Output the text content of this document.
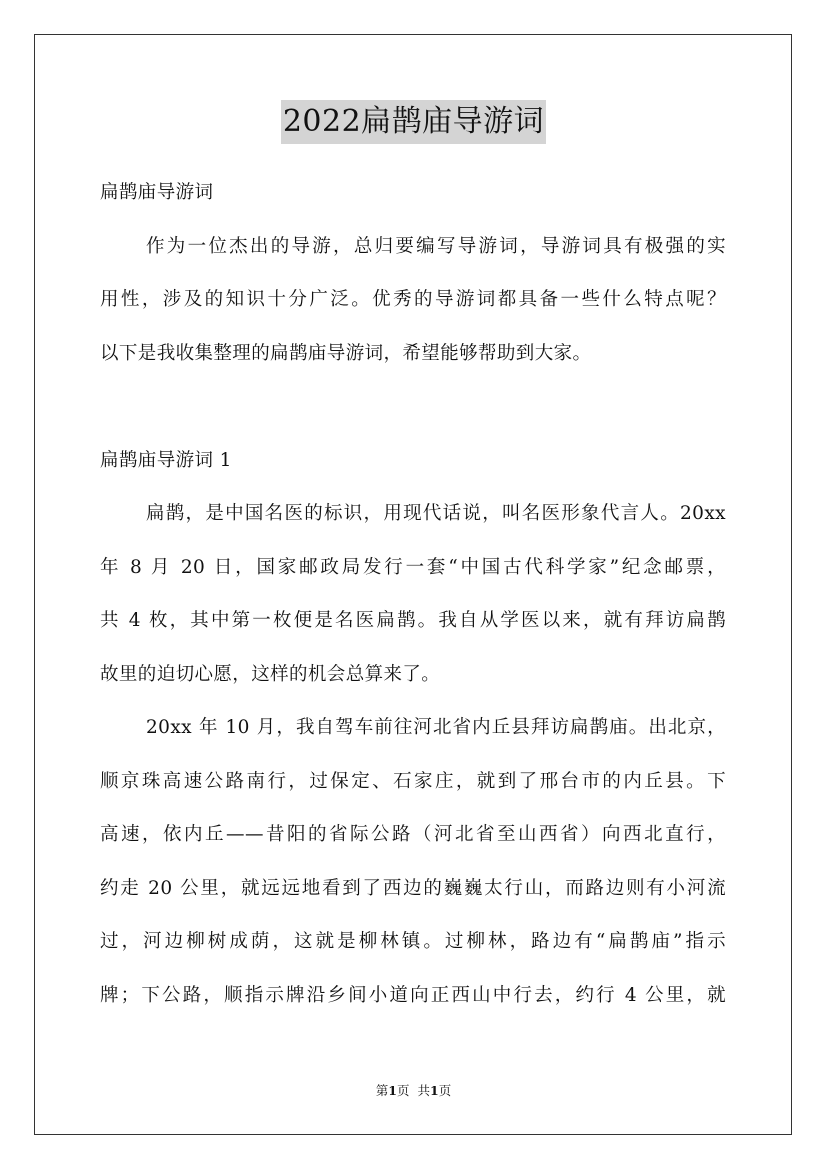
2022扁鹊庙导游词
扁鹊庙导游词
作为一位杰出的导游，总归要编写导游词，导游词具有极强的实
用性，涉及的知识十分广泛。优秀的导游词都具备一些什么特点呢？
以下是我收集整理的扁鹊庙导游词，希望能够帮助到大家。
扁鹊庙导游词 1
扁鹊，是中国名医的标识，用现代话说，叫名医形象代言人。20xx
年 8 月 20 日，国家邮政局发行一套“中国古代科学家”纪念邮票，
共 4 枚，其中第一枚便是名医扁鹊。我自从学医以来，就有拜访扁鹊
故里的迫切心愿，这样的机会总算来了。
20xx 年 10 月，我自驾车前往河北省内丘县拜访扁鹊庙。出北京，
顺京珠高速公路南行，过保定、石家庄，就到了邢台市的内丘县。下
高速，依内丘——昔阳的省际公路（河北省至山西省）向西北直行，
约走 20 公里，就远远地看到了西边的巍巍太行山，而路边则有小河流
过，河边柳树成荫，这就是柳林镇。过柳林，路边有“扁鹊庙”指示
牌；下公路，顺指示牌沿乡间小道向正西山中行去，约行 4 公里，就
第1页 共1页
